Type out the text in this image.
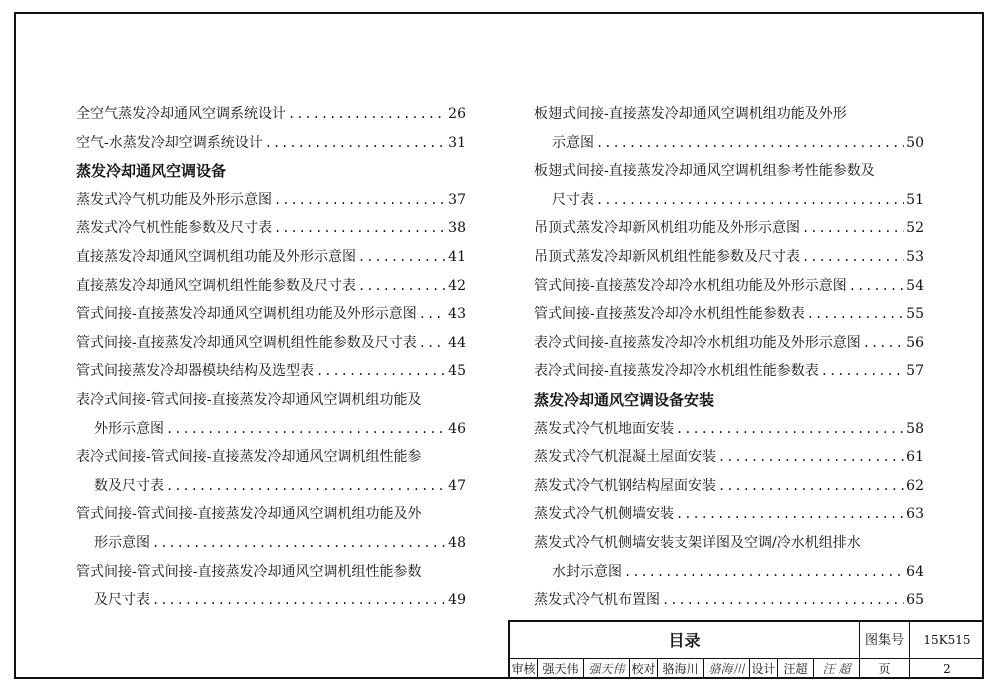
全空气蒸发冷却通风空调系统设计 .....	26
空气-水蒸发冷却空调系统设计 .....	31
蒸发冷却通风空调设备
蒸发式冷气机功能及外形示意图 .....	37
蒸发式冷气机性能参数及尺寸表 .....	38
直接蒸发冷却通风空调机组功能及外形示意图 .....	41
直接蒸发冷却通风空调机组性能参数及尺寸表 .....	42
管式间接-直接蒸发冷却通风空调机组功能及外形示意图 ..... 43
管式间接-直接蒸发冷却通风空调机组性能参数及尺寸表 ..... 44
管式间接蒸发冷却器模块结构及选型表 .....	45
表冷式间接-管式间接-直接蒸发冷却通风空调机组功能及
外形示意图 .....	46
表冷式间接-管式间接-直接蒸发冷却通风空调机组性能参
数及尺寸表 .....	47
管式间接-管式间接-直接蒸发冷却通风空调机组功能及外
形示意图 .....	48
管式间接-管式间接-直接蒸发冷却通风空调机组性能参数
及尺寸表 .....	49
板翅式间接-直接蒸发冷却通风空调机组功能及外形
示意图 .....	50
板翅式间接-直接蒸发冷却通风空调机组参考性能参数及
尺寸表 .....	51
吊顶式蒸发冷却新风机组功能及外形示意图 .....	52
吊顶式蒸发冷却新风机组性能参数及尺寸表 .....	53
管式间接-直接蒸发冷却冷水机组功能及外形示意图 .....	54
管式间接-直接蒸发冷却冷水机组性能参数表 .....	55
表冷式间接-直接蒸发冷却冷水机组功能及外形示意图 .....	56
表冷式间接-直接蒸发冷却冷水机组性能参数表 .....	57
蒸发冷却通风空调设备安装
蒸发式冷气机地面安装 .....	58
蒸发式冷气机混凝土屋面安装 .....	61
蒸发式冷气机钢结构屋面安装 .....	62
蒸发式冷气机侧墙安装 .....	63
蒸发式冷气机侧墙安装支架详图及空调/冷水机组排水
水封示意图 .....	64
蒸发式冷气机布置图 .....	65
目录	图集号	15K515
审核 强天伟 强天伟 校对 骆海川 骆海川 设计 汪超	汪 超	页	2
